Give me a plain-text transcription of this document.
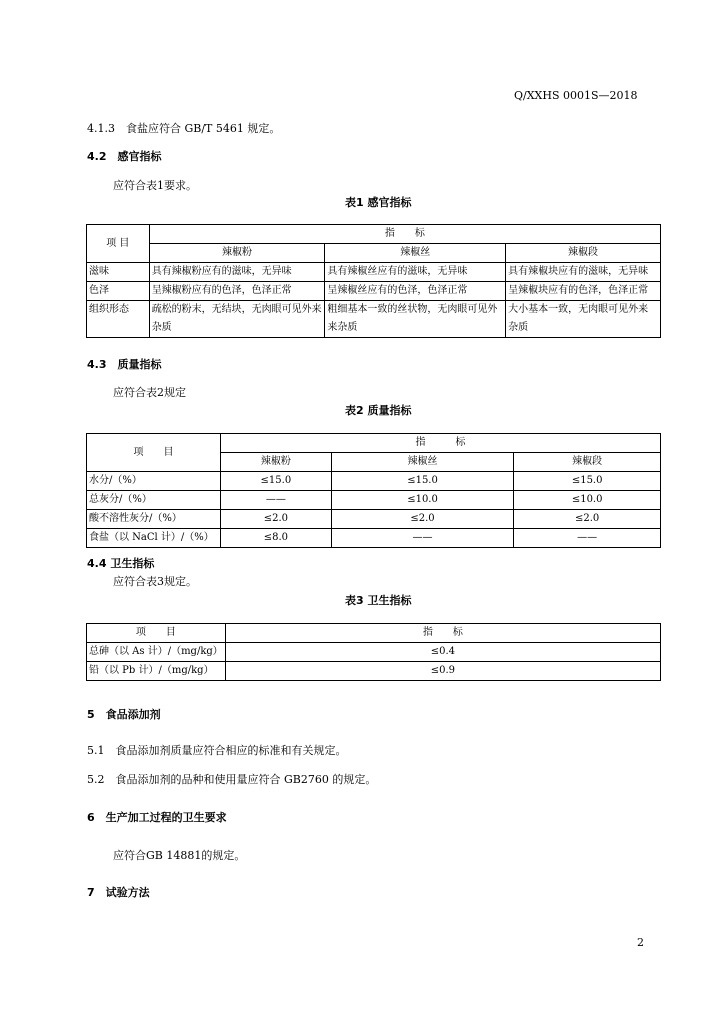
Q/XXHS 0001S—2018
4.1.3　食盐应符合 GB/T 5461 规定。
4.2　感官指标
应符合表1要求。
表1 感官指标
项 目	指　　标		
	辣椒粉	辣椒丝	辣椒段
滋味	具有辣椒粉应有的滋味，无异味	具有辣椒丝应有的滋味，无异味	具有辣椒块应有的滋味，无异味
色泽	呈辣椒粉应有的色泽，色泽正常	呈辣椒丝应有的色泽，色泽正常	呈辣椒块应有的色泽，色泽正常
组织形态	疏松的粉末，无结块，无肉眼可见外来杂质	粗细基本一致的丝状物，无肉眼可见外来杂质	大小基本一致，无肉眼可见外来杂质
4.3　质量指标
应符合表2规定
表2 质量指标
项　　目	指　　　标		
	辣椒粉	辣椒丝	辣椒段
水分/（%）	≤15.0	≤15.0	≤15.0
总灰分/（%）	——	≤10.0	≤10.0
酸不溶性灰分/（%）	≤2.0	≤2.0	≤2.0
食盐（以 NaCl 计）/（%）	≤8.0	——	——
4.4 卫生指标
应符合表3规定。
表3 卫生指标
项　　目	指　　标
总砷（以 As 计）/（mg/kg）	≤0.4
铅（以 Pb 计）/（mg/kg）	≤0.9
5　食品添加剂
5.1　食品添加剂质量应符合相应的标准和有关规定。
5.2　食品添加剂的品种和使用量应符合 GB2760 的规定。
6　生产加工过程的卫生要求
应符合GB 14881的规定。
7　试验方法
2
